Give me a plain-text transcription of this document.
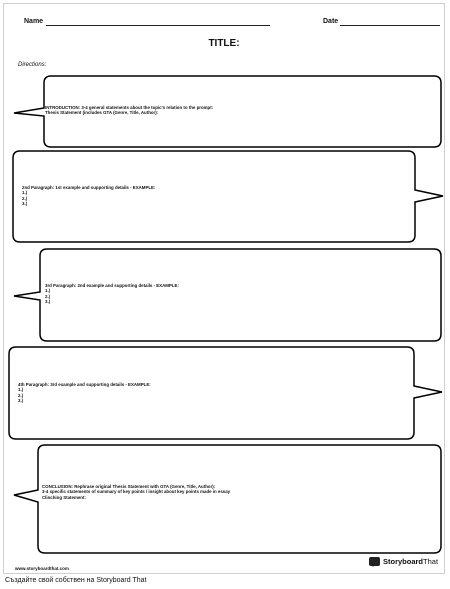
Name	Date
TITLE:
Directions:
INTRODUCTION: 3-4 general statements about the topic's relation to the prompt:
Thesis Statement (includes GTA (Genre, Title, Author):
2nd Paragraph: 1st example and supporting details - EXAMPLE:
1.)
2.)
3.)
3rd Paragraph: 2nd example and supporting details - EXAMPLE:
1.)
2.)
3.)
4th Paragraph: 3rd example and supporting details - EXAMPLE:
1.)
2.)
3.)
CONCLUSION: Rephrase original Thesis Statement with GTA (Genre, Title, Author):
3-4 specific statements of summary of key points / insight about key points made in essay
Clinching Statement:
www.storyboardthat.com
StoryboardThat
Създайте свой собствен на Storyboard That
